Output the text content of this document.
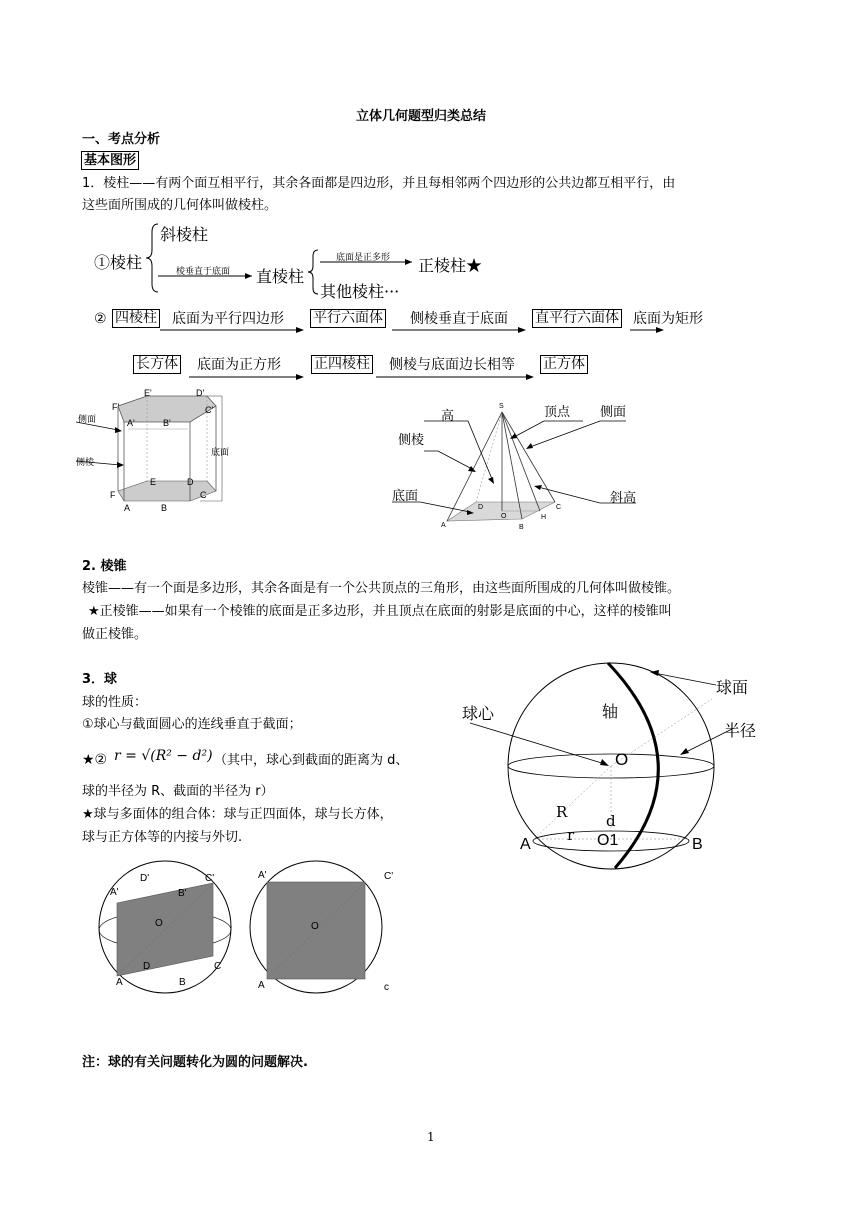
立体几何题型归类总结
一、考点分析
基本图形
1．棱柱——有两个面互相平行，其余各面都是四边形，并且每相邻两个四边形的公共边都互相平行，由
这些面所围成的几何体叫做棱柱。
①棱柱
斜棱柱
棱垂直于底面 直棱柱
底面是正多形 正棱柱★
其他棱柱···
② 四棱柱 底面为平行四边形 平行六面体 侧棱垂直于底面 直平行六面体 底面为矩形
长方体 底面为正方形 正四棱柱 侧棱与底面边长相等 正方体
侧面
侧棱
底面
E'	D'
F'	C'
A'	B'
E	D
F	C
A	B
高	顶点 侧面
侧棱
底面	斜高
S
A	B
C
D
O	H
2. 棱锥
棱锥——有一个面是多边形，其余各面是有一个公共顶点的三角形，由这些面所围成的几何体叫做棱锥。
★正棱锥——如果有一个棱锥的底面是正多边形，并且顶点在底面的射影是底面的中心，这样的棱锥叫
做正棱锥。
3．球
球的性质：
①球心与截面圆心的连线垂直于截面；
★② r = √(R² − d²) （其中，球心到截面的距离为 d、
球的半径为 R、截面的半径为 r）
★球与多面体的组合体：球与正四面体，球与长方体，
球与正方体等的内接与外切.
球面
球心	轴
半径
O
R	d
r O1
A	B
D'	C'
A'	B'
O
D	C
A	B
A'	C'
O
A	c
注：球的有关问题转化为圆的问题解决.
1
